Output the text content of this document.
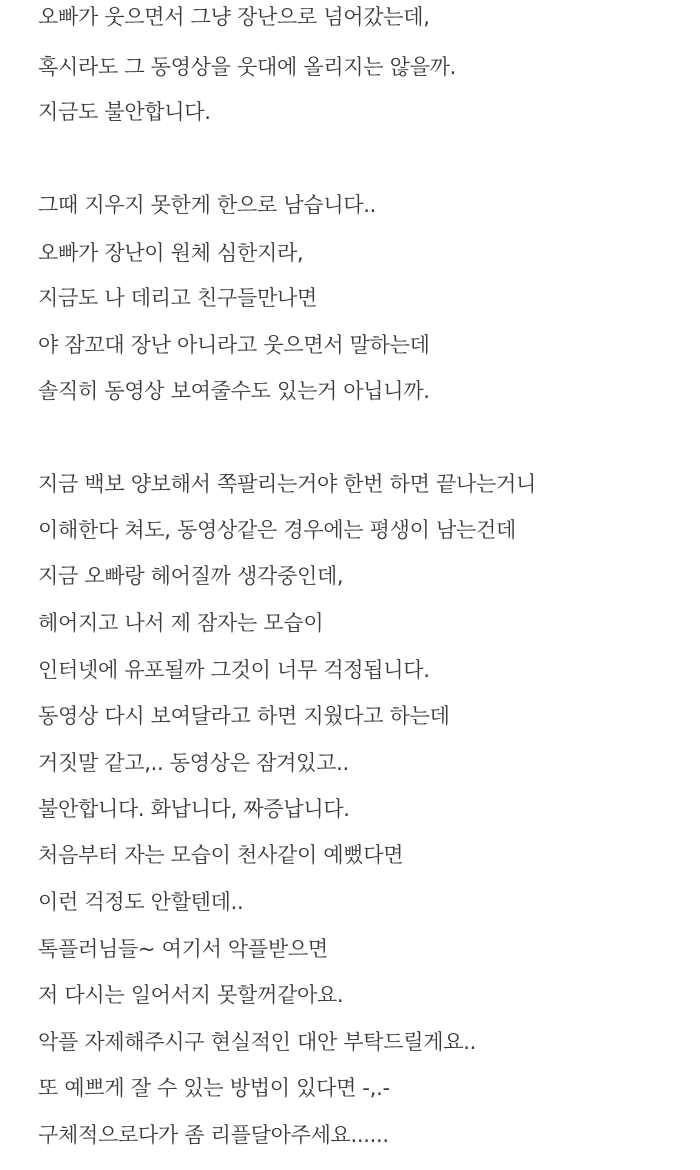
오빠가 웃으면서 그냥 장난으로 넘어갔는데,

혹시라도 그 동영상을 웃대에 올리지는 않을까.

지금도 불안합니다.

그때 지우지 못한게 한으로 남습니다..

오빠가 장난이 원체 심한지라,

지금도 나 데리고 친구들만나면

야 잠꼬대 장난 아니라고 웃으면서 말하는데

솔직히 동영상 보여줄수도 있는거 아닙니까.

지금 백보 양보해서 쪽팔리는거야 한번 하면 끝나는거니

이해한다 쳐도, 동영상같은 경우에는 평생이 남는건데

지금 오빠랑 헤어질까 생각중인데,

헤어지고 나서 제 잠자는 모습이

인터넷에 유포될까 그것이 너무 걱정됩니다.

동영상 다시 보여달라고 하면 지웠다고 하는데

거짓말 같고,.. 동영상은 잠겨있고..

불안합니다. 화납니다, 짜증납니다.

처음부터 자는 모습이 천사같이 예뻤다면

이런 걱정도 안할텐데..

톡플러님들~ 여기서 악플받으면

저 다시는 일어서지 못할꺼같아요.

악플 자제해주시구 현실적인 대안 부탁드릴게요..

또 예쁘게 잘 수 있는 방법이 있다면 -,.-

구체적으로다가 좀 리플달아주세요......
